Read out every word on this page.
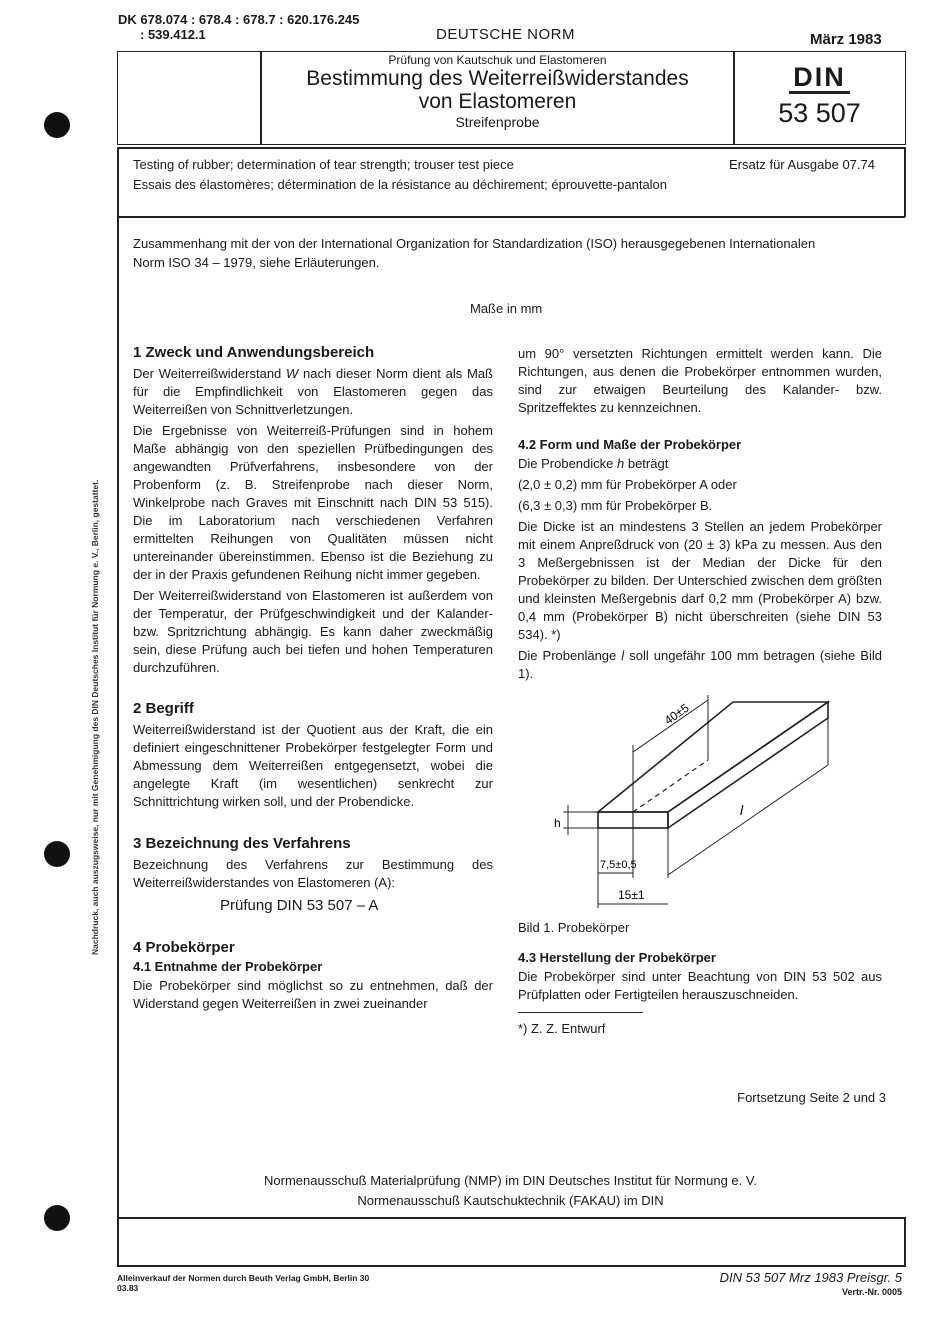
DK 678.074 : 678.4 : 678.7 : 620.176.245
: 539.412.1	DEUTSCHE NORM	März 1983
Prüfung von Kautschuk und Elastomeren
Bestimmung des Weiterreißwiderstandes
von Elastomeren
Streifenprobe
DIN
53 507
Testing of rubber; determination of tear strength; trouser test piece
Essais des élastomères; détermination de la résistance au déchirement; éprouvette-pantalon
Ersatz für Ausgabe 07.74
Zusammenhang mit der von der International Organization for Standardization (ISO) herausgegebenen Internationalen
Norm ISO 34 – 1979, siehe Erläuterungen.
Maße in mm
Nachdruck, auch auszugsweise, nur mit Genehmigung des DIN Deutsches Institut für Normung e. V., Berlin, gestattet.
1 Zweck und Anwendungsbereich
Der Weiterreißwiderstand W nach dieser Norm dient als Maß für die Empfindlichkeit von Elastomeren gegen das Weiterreißen von Schnittverletzungen.
Die Ergebnisse von Weiterreiß-Prüfungen sind in hohem Maße abhängig von den speziellen Prüfbedingungen des angewandten Prüfverfahrens, insbesondere von der Probenform (z. B. Streifenprobe nach dieser Norm, Winkelprobe nach Graves mit Einschnitt nach DIN 53 515). Die im Laboratorium nach verschiedenen Verfahren ermittelten Reihungen von Qualitäten müssen nicht untereinander übereinstimmen. Ebenso ist die Beziehung zu der in der Praxis gefundenen Reihung nicht immer gegeben.
Der Weiterreißwiderstand von Elastomeren ist außerdem von der Temperatur, der Prüfgeschwindigkeit und der Kalander- bzw. Spritzrichtung abhängig. Es kann daher zweckmäßig sein, diese Prüfung auch bei tiefen und hohen Temperaturen durchzuführen.
2 Begriff
Weiterreißwiderstand ist der Quotient aus der Kraft, die ein definiert eingeschnittener Probekörper festgelegter Form und Abmessung dem Weiterreißen entgegensetzt, wobei die angelegte Kraft (im wesentlichen) senkrecht zur Schnittrichtung wirken soll, und der Probendicke.
3 Bezeichnung des Verfahrens
Bezeichnung des Verfahrens zur Bestimmung des Weiterreißwiderstandes von Elastomeren (A):
Prüfung DIN 53 507 – A
4 Probekörper
4.1 Entnahme der Probekörper
Die Probekörper sind möglichst so zu entnehmen, daß der Widerstand gegen Weiterreißen in zwei zueinander
um 90° versetzten Richtungen ermittelt werden kann. Die Richtungen, aus denen die Probekörper entnommen wurden, sind zur etwaigen Beurteilung des Kalander- bzw. Spritzeffektes zu kennzeichnen.
4.2 Form und Maße der Probekörper
Die Probendicke h beträgt
(2,0 ± 0,2) mm für Probekörper A oder
(6,3 ± 0,3) mm für Probekörper B.
Die Dicke ist an mindestens 3 Stellen an jedem Probekörper mit einem Anpreßdruck von (20 ± 3) kPa zu messen. Aus den 3 Meßergebnissen ist der Median der Dicke für den Probekörper zu bilden. Der Unterschied zwischen dem größten und kleinsten Meßergebnis darf 0,2 mm (Probekörper A) bzw. 0,4 mm (Probekörper B) nicht überschreiten (siehe DIN 53 534). *)
Die Probenlänge l soll ungefähr 100 mm betragen (siehe Bild 1).
40±5
l
h
7,5±0,5
15±1
Bild 1. Probekörper
4.3 Herstellung der Probekörper
Die Probekörper sind unter Beachtung von DIN 53 502 aus Prüfplatten oder Fertigteilen herauszuschneiden.
*) Z. Z. Entwurf
Fortsetzung Seite 2 und 3
Normenausschuß Materialprüfung (NMP) im DIN Deutsches Institut für Normung e. V.
Normenausschuß Kautschuktechnik (FAKAU) im DIN
Alleinverkauf der Normen durch Beuth Verlag GmbH, Berlin 30
03.83
DIN 53 507 Mrz 1983 Preisgr. 5
Vertr.-Nr. 0005
